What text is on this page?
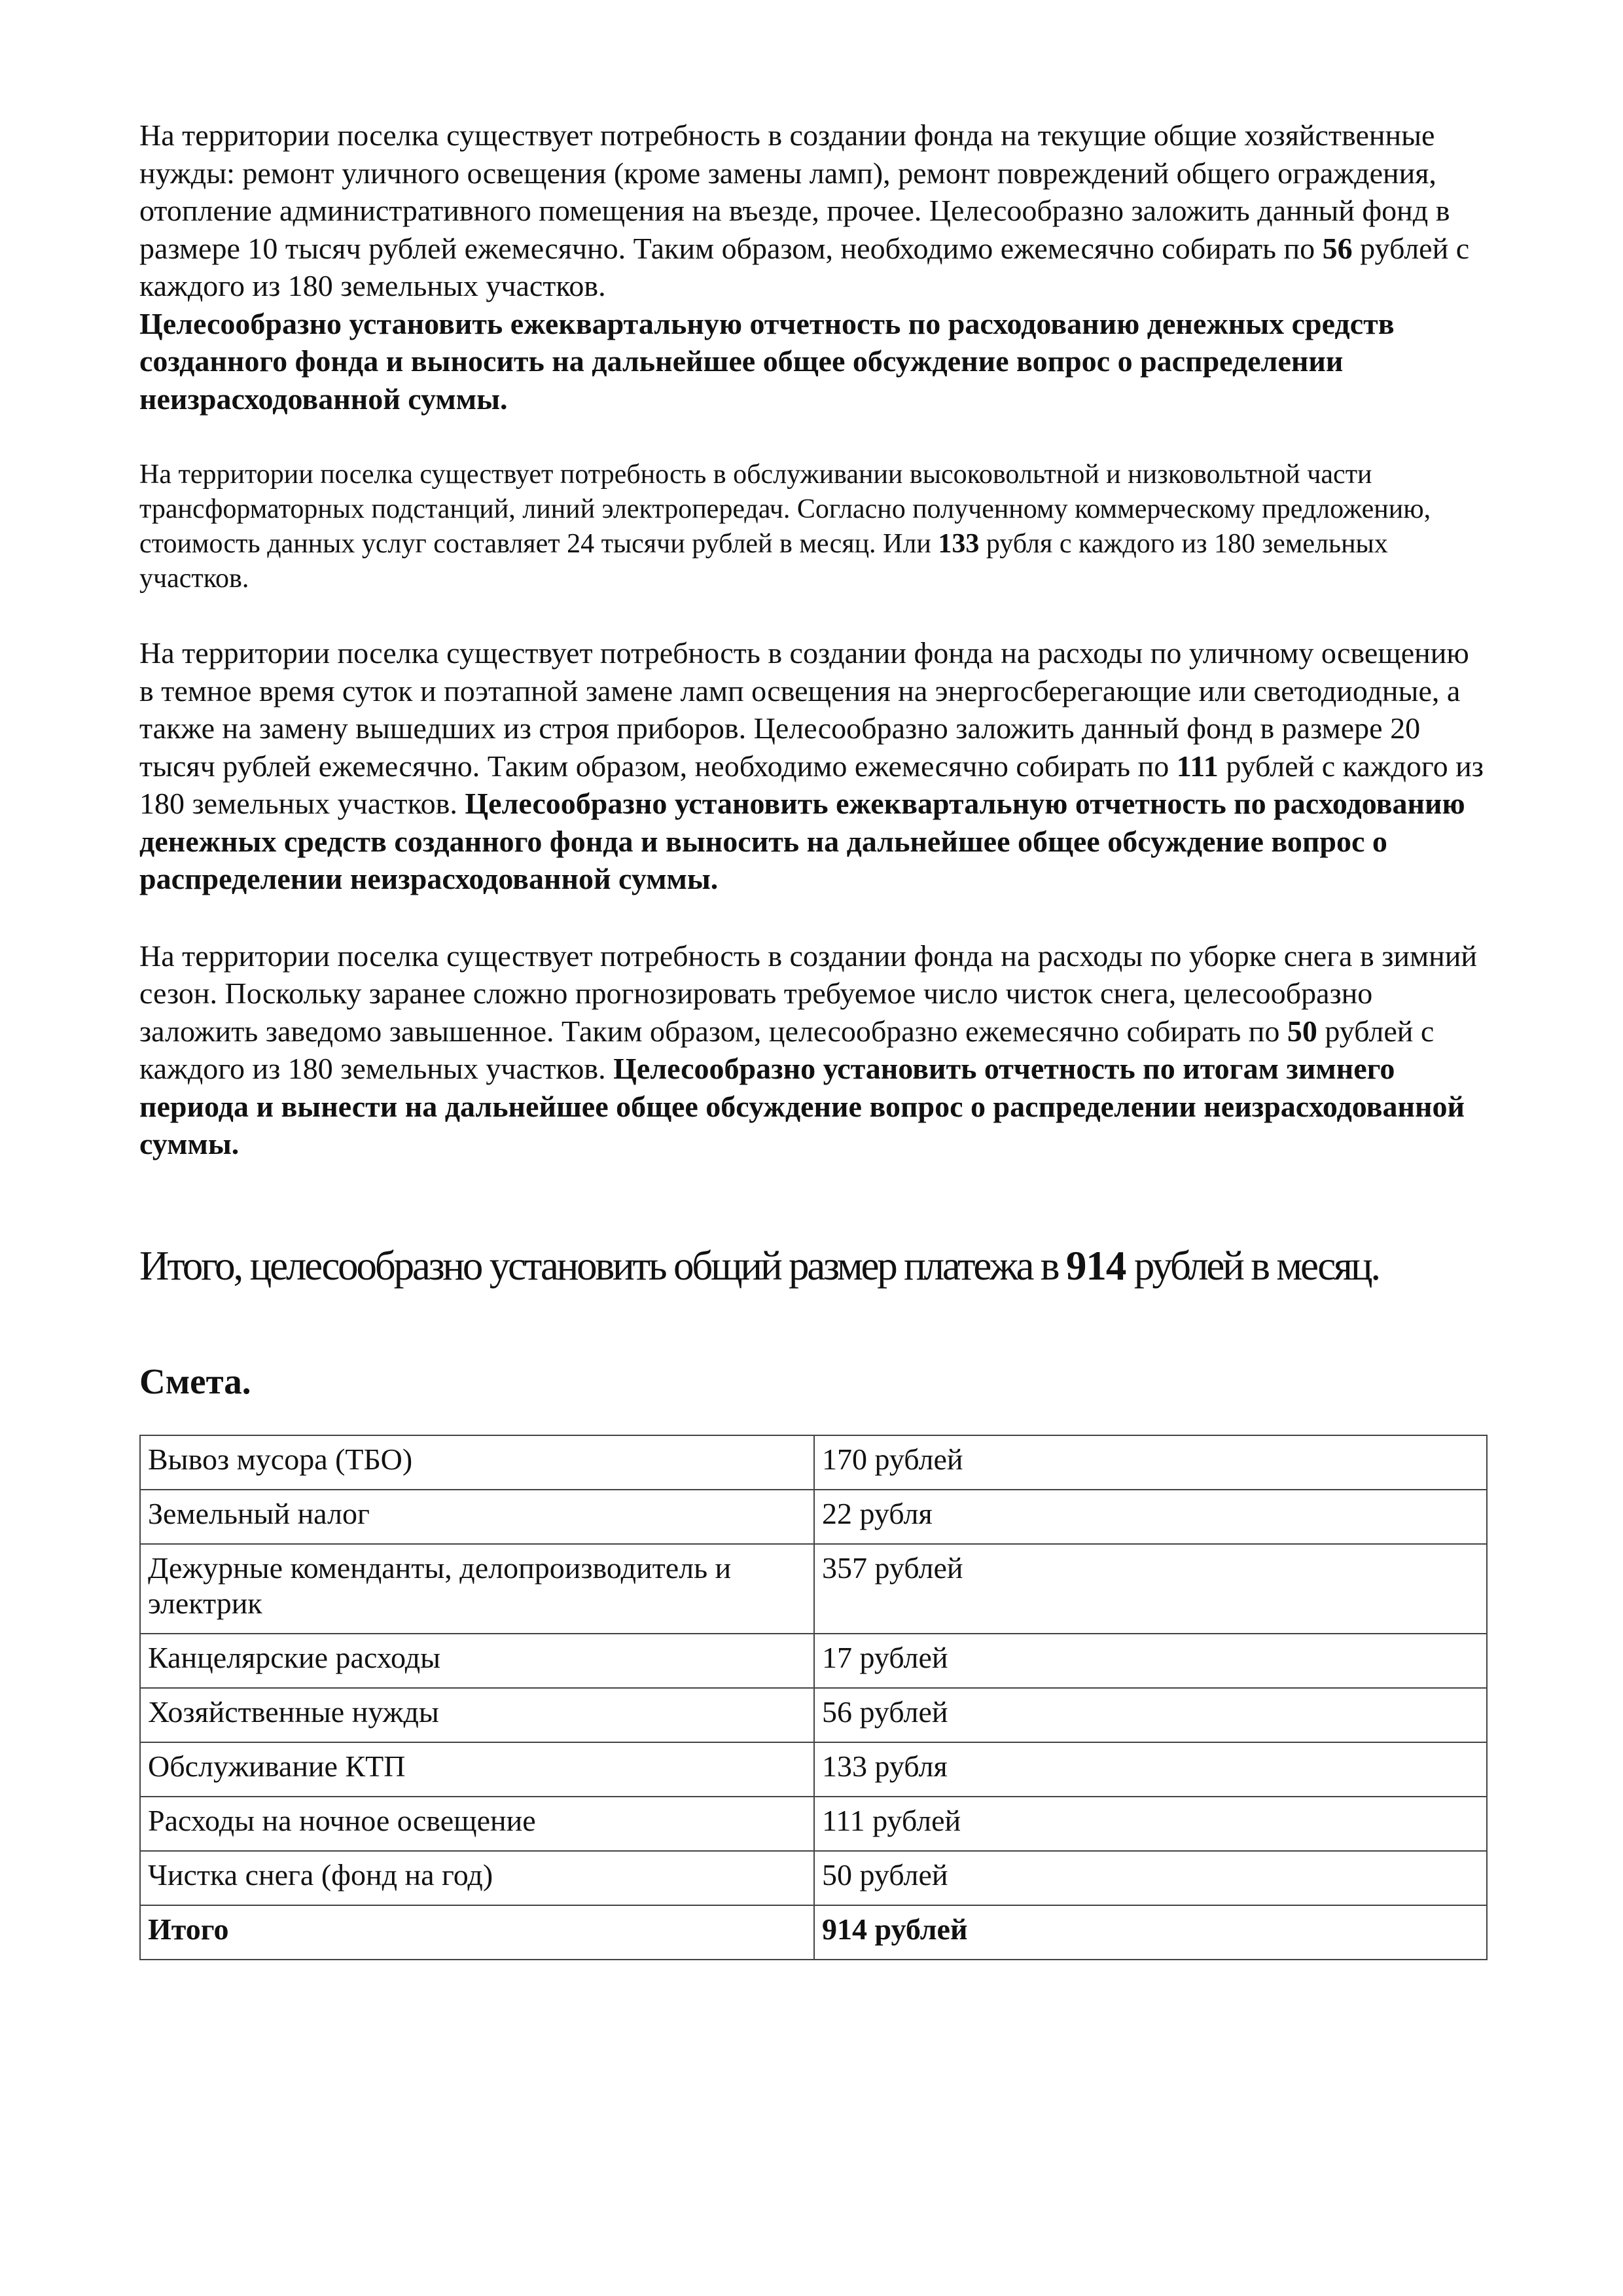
На территории поселка существует потребность в создании фонда на текущие общие хозяйственные нужды: ремонт уличного освещения (кроме замены ламп), ремонт повреждений общего ограждения, отопление административного помещения на въезде, прочее. Целесообразно заложить данный фонд в размере 10 тысяч рублей ежемесячно. Таким образом, необходимо ежемесячно собирать по 56 рублей с каждого из 180 земельных участков.
Целесообразно установить ежеквартальную отчетность по расходованию денежных средств созданного фонда и выносить на дальнейшее общее обсуждение вопрос о распределении неизрасходованной суммы.

На территории поселка существует потребность в обслуживании высоковольтной и низковольтной части трансформаторных подстанций, линий электропередач. Согласно полученному коммерческому предложению, стоимость данных услуг составляет 24 тысячи рублей в месяц. Или 133 рубля с каждого из 180 земельных участков.

На территории поселка существует потребность в создании фонда на расходы по уличному освещению в темное время суток и поэтапной замене ламп освещения на энергосберегающие или светодиодные, а также на замену вышедших из строя приборов. Целесообразно заложить данный фонд в размере 20 тысяч рублей ежемесячно. Таким образом, необходимо ежемесячно собирать по 111 рублей с каждого из 180 земельных участков. Целесообразно установить ежеквартальную отчетность по расходованию денежных средств созданного фонда и выносить на дальнейшее общее обсуждение вопрос о распределении неизрасходованной суммы.

На территории поселка существует потребность в создании фонда на расходы по уборке снега в зимний сезон. Поскольку заранее сложно прогнозировать требуемое число чисток снега, целесообразно заложить заведомо завышенное. Таким образом, целесообразно ежемесячно собирать по 50 рублей с каждого из 180 земельных участков. Целесообразно установить отчетность по итогам зимнего периода и вынести на дальнейшее общее обсуждение вопрос о распределении неизрасходованной суммы.

Итого, целесообразно установить общий размер платежа в 914 рублей в месяц.

Смета.

Вывоз мусора (ТБО)	170 рублей
Земельный налог	22 рубля
Дежурные коменданты, делопроизводитель и электрик	357 рублей
Канцелярские расходы	17 рублей
Хозяйственные нужды	56 рублей
Обслуживание КТП	133 рубля
Расходы на ночное освещение	111 рублей
Чистка снега (фонд на год)	50 рублей
Итого	914 рублей
